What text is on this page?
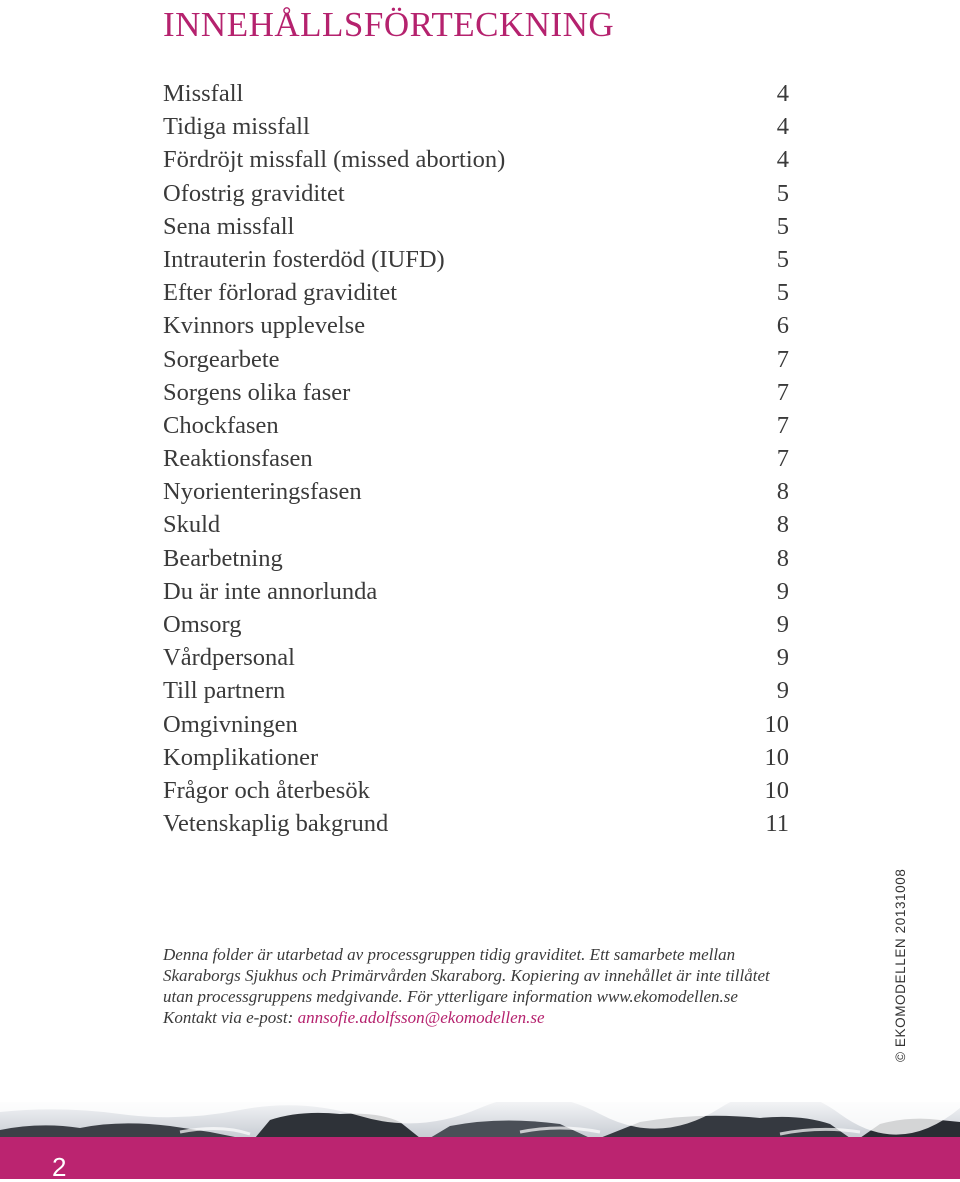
INNEHÅLLSFÖRTECKNING
Missfall	4
Tidiga missfall	4
Fördröjt missfall (missed abortion)	4
Ofostrig graviditet	5
Sena missfall	5
Intrauterin fosterdöd (IUFD)	5
Efter förlorad graviditet	5
Kvinnors upplevelse	6
Sorgearbete	7
Sorgens olika faser	7
Chockfasen	7
Reaktionsfasen	7
Nyorienteringsfasen	8
Skuld	8
Bearbetning	8
Du är inte annorlunda	9
Omsorg	9
Vårdpersonal	9
Till partnern	9
Omgivningen	10
Komplikationer	10
Frågor och återbesök	10
Vetenskaplig bakgrund	11
Denna folder är utarbetad av processgruppen tidig graviditet. Ett samarbete mellan
Skaraborgs Sjukhus och Primärvården Skaraborg. Kopiering av innehållet är inte tillåtet
utan processgruppens medgivande. För ytterligare information www.ekomodellen.se
Kontakt via e-post: annsofie.adolfsson@ekomodellen.se	© EKOMODELLEN 20131008
2
